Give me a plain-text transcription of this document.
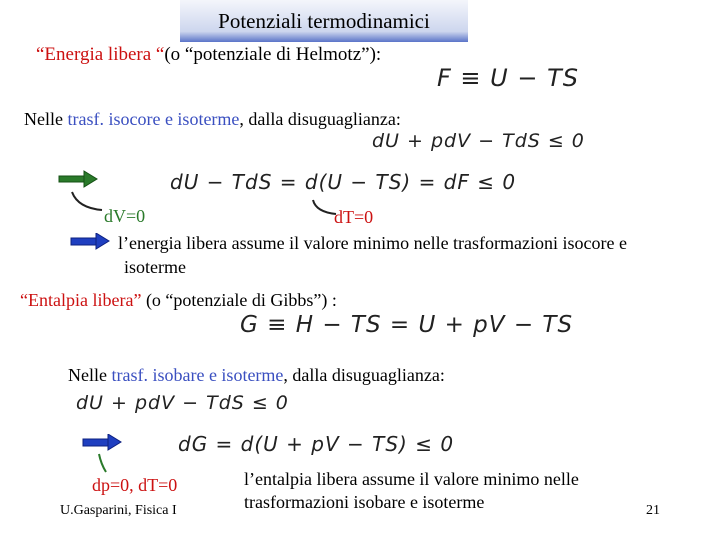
Potenziali termodinamici
“Energia libera “(o “potenziale di Helmotz”):
F ≡ U − TS
Nelle trasf. isocore e isoterme, dalla disuguaglianza:
dU + pdV − TdS ≤ 0
dU − TdS = d(U − TS) = dF ≤ 0
dV=0	dT=0
l’energia libera assume il valore minimo nelle trasformazioni isocore e
isoterme
“Entalpia libera” (o “potenziale di Gibbs”) :
G ≡ H − TS = U + pV − TS
Nelle trasf. isobare e isoterme, dalla disuguaglianza:
dU + pdV − TdS ≤ 0
dG = d(U + pV − TS) ≤ 0
dp=0, dT=0	l’entalpia libera assume il valore minimo nelle
trasformazioni isobare e isoterme
U.Gasparini, Fisica I	21
